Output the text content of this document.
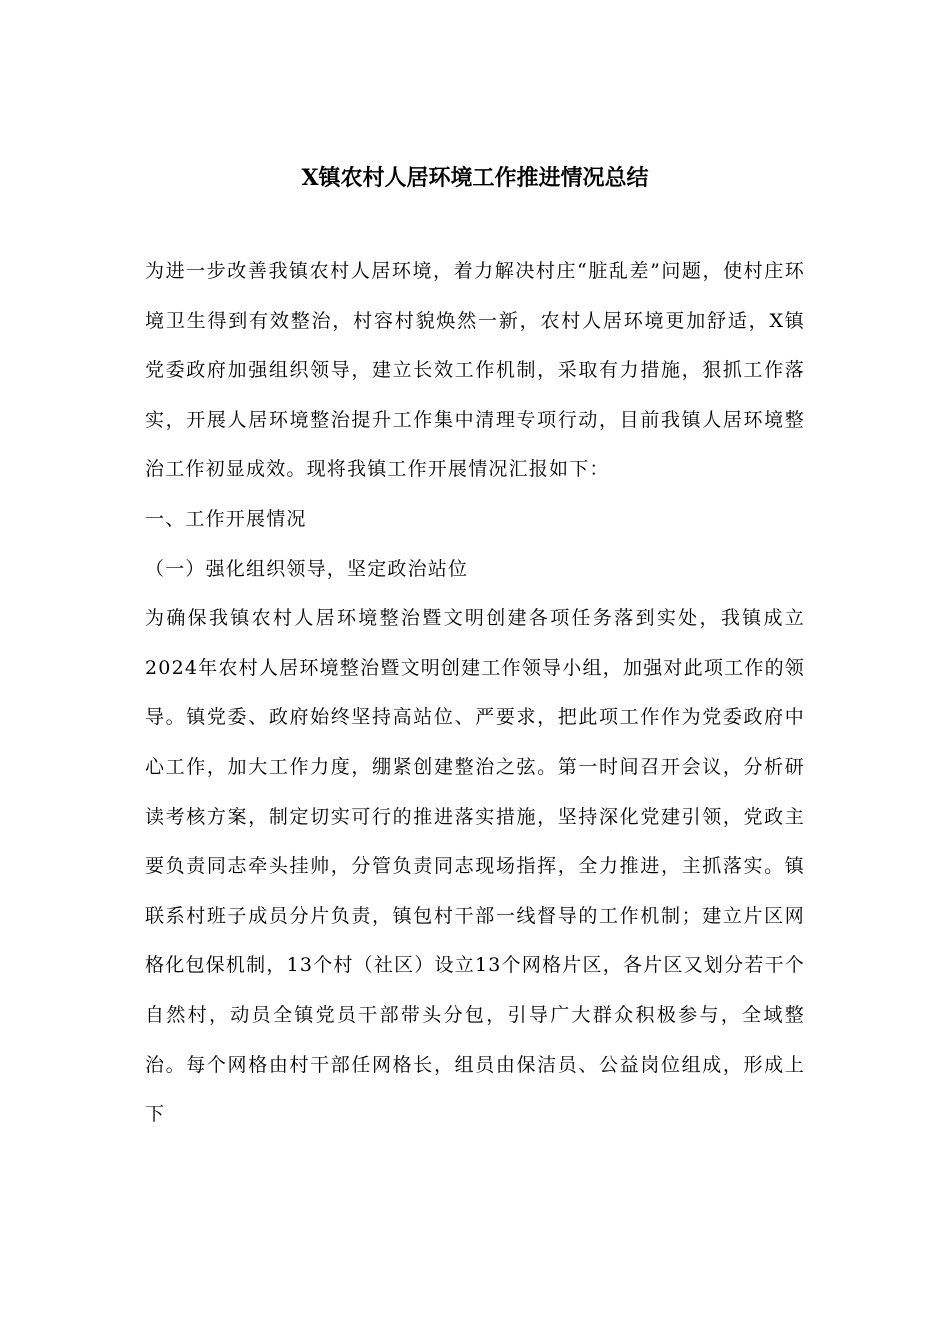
X镇农村人居环境工作推进情况总结

为进一步改善我镇农村人居环境，着力解决村庄“脏乱差”问题，使村庄环境卫生得到有效整治，村容村貌焕然一新，农村人居环境更加舒适，X镇党委政府加强组织领导，建立长效工作机制，采取有力措施，狠抓工作落实，开展人居环境整治提升工作集中清理专项行动，目前我镇人居环境整治工作初显成效。现将我镇工作开展情况汇报如下：

一、工作开展情况

（一）强化组织领导，坚定政治站位

为确保我镇农村人居环境整治暨文明创建各项任务落到实处，我镇成立2024年农村人居环境整治暨文明创建工作领导小组，加强对此项工作的领导。镇党委、政府始终坚持高站位、严要求，把此项工作作为党委政府中心工作，加大工作力度，绷紧创建整治之弦。第一时间召开会议，分析研读考核方案，制定切实可行的推进落实措施，坚持深化党建引领，党政主要负责同志牵头挂帅，分管负责同志现场指挥，全力推进，主抓落实。镇联系村班子成员分片负责，镇包村干部一线督导的工作机制；建立片区网格化包保机制，13个村（社区）设立13个网格片区，各片区又划分若干个自然村，动员全镇党员干部带头分包，引导广大群众积极参与，全域整治。每个网格由村干部任网格长，组员由保洁员、公益岗位组成，形成上下
